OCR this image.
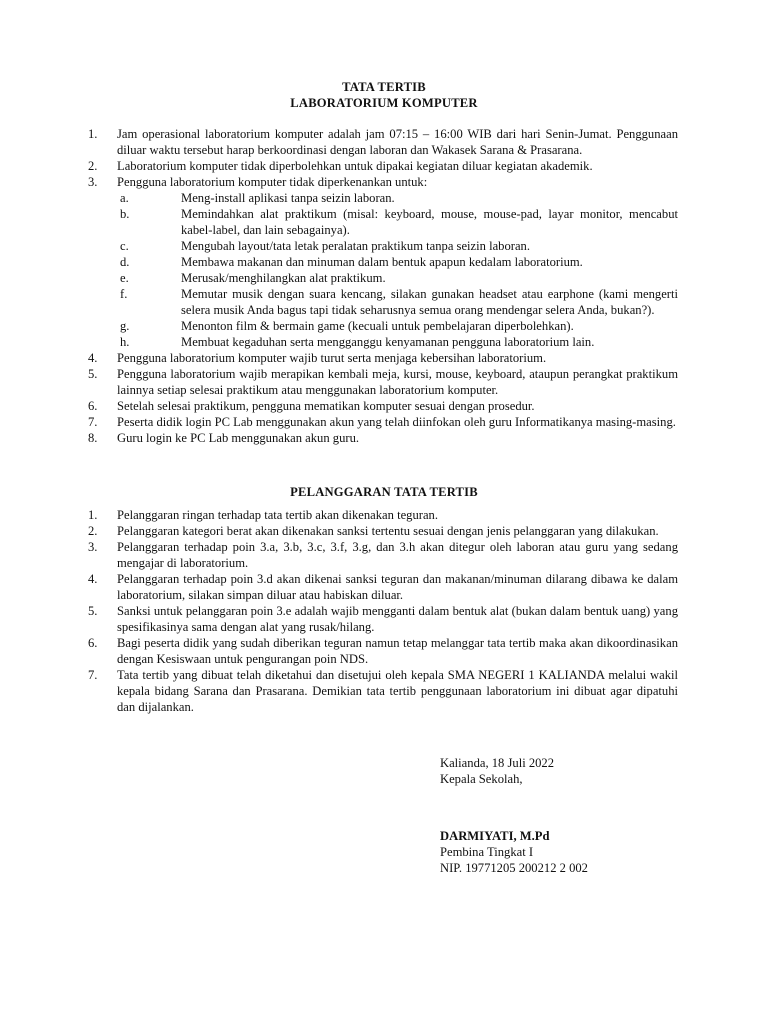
TATA TERTIB
LABORATORIUM KOMPUTER
1.	Jam operasional laboratorium komputer adalah jam 07:15 – 16:00 WIB dari hari Senin-Jumat. Penggunaan diluar waktu tersebut harap berkoordinasi dengan laboran dan Wakasek Sarana & Prasarana.
2.	Laboratorium komputer tidak diperbolehkan untuk dipakai kegiatan diluar kegiatan akademik.
3.	Pengguna laboratorium komputer tidak diperkenankan untuk:
a.	Meng-install aplikasi tanpa seizin laboran.
b.	Memindahkan alat praktikum (misal: keyboard, mouse, mouse-pad, layar monitor, mencabut kabel-label, dan lain sebagainya).
c.	Mengubah layout/tata letak peralatan praktikum tanpa seizin laboran.
d.	Membawa makanan dan minuman dalam bentuk apapun kedalam laboratorium.
e.	Merusak/menghilangkan alat praktikum.
f.	Memutar musik dengan suara kencang, silakan gunakan headset atau earphone (kami mengerti selera musik Anda bagus tapi tidak seharusnya semua orang mendengar selera Anda, bukan?).
g.	Menonton film & bermain game (kecuali untuk pembelajaran diperbolehkan).
h.	Membuat kegaduhan serta mengganggu kenyamanan pengguna laboratorium lain.
4.	Pengguna laboratorium komputer wajib turut serta menjaga kebersihan laboratorium.
5.	Pengguna laboratorium wajib merapikan kembali meja, kursi, mouse, keyboard, ataupun perangkat praktikum lainnya setiap selesai praktikum atau menggunakan laboratorium komputer.
6.	Setelah selesai praktikum, pengguna mematikan komputer sesuai dengan prosedur.
7.	Peserta didik login PC Lab menggunakan akun yang telah diinfokan oleh guru Informatikanya masing-masing.
8.	Guru login ke PC Lab menggunakan akun guru.
PELANGGARAN TATA TERTIB
1.	Pelanggaran ringan terhadap tata tertib akan dikenakan teguran.
2.	Pelanggaran kategori berat akan dikenakan sanksi tertentu sesuai dengan jenis pelanggaran yang dilakukan.
3.	Pelanggaran terhadap poin 3.a, 3.b, 3.c, 3.f, 3.g, dan 3.h akan ditegur oleh laboran atau guru yang sedang mengajar di laboratorium.
4.	Pelanggaran terhadap poin 3.d akan dikenai sanksi teguran dan makanan/minuman dilarang dibawa ke dalam laboratorium, silakan simpan diluar atau habiskan diluar.
5.	Sanksi untuk pelanggaran poin 3.e adalah wajib mengganti dalam bentuk alat (bukan dalam bentuk uang) yang spesifikasinya sama dengan alat yang rusak/hilang.
6.	Bagi peserta didik yang sudah diberikan teguran namun tetap melanggar tata tertib maka akan dikoordinasikan dengan Kesiswaan untuk pengurangan poin NDS.
7.	Tata tertib yang dibuat telah diketahui dan disetujui oleh kepala SMA NEGERI 1 KALIANDA melalui wakil kepala bidang Sarana dan Prasarana. Demikian tata tertib penggunaan laboratorium ini dibuat agar dipatuhi dan dijalankan.
Kalianda, 18 Juli 2022
Kepala Sekolah,
DARMIYATI, M.Pd
Pembina Tingkat I
NIP. 19771205 200212 2 002
